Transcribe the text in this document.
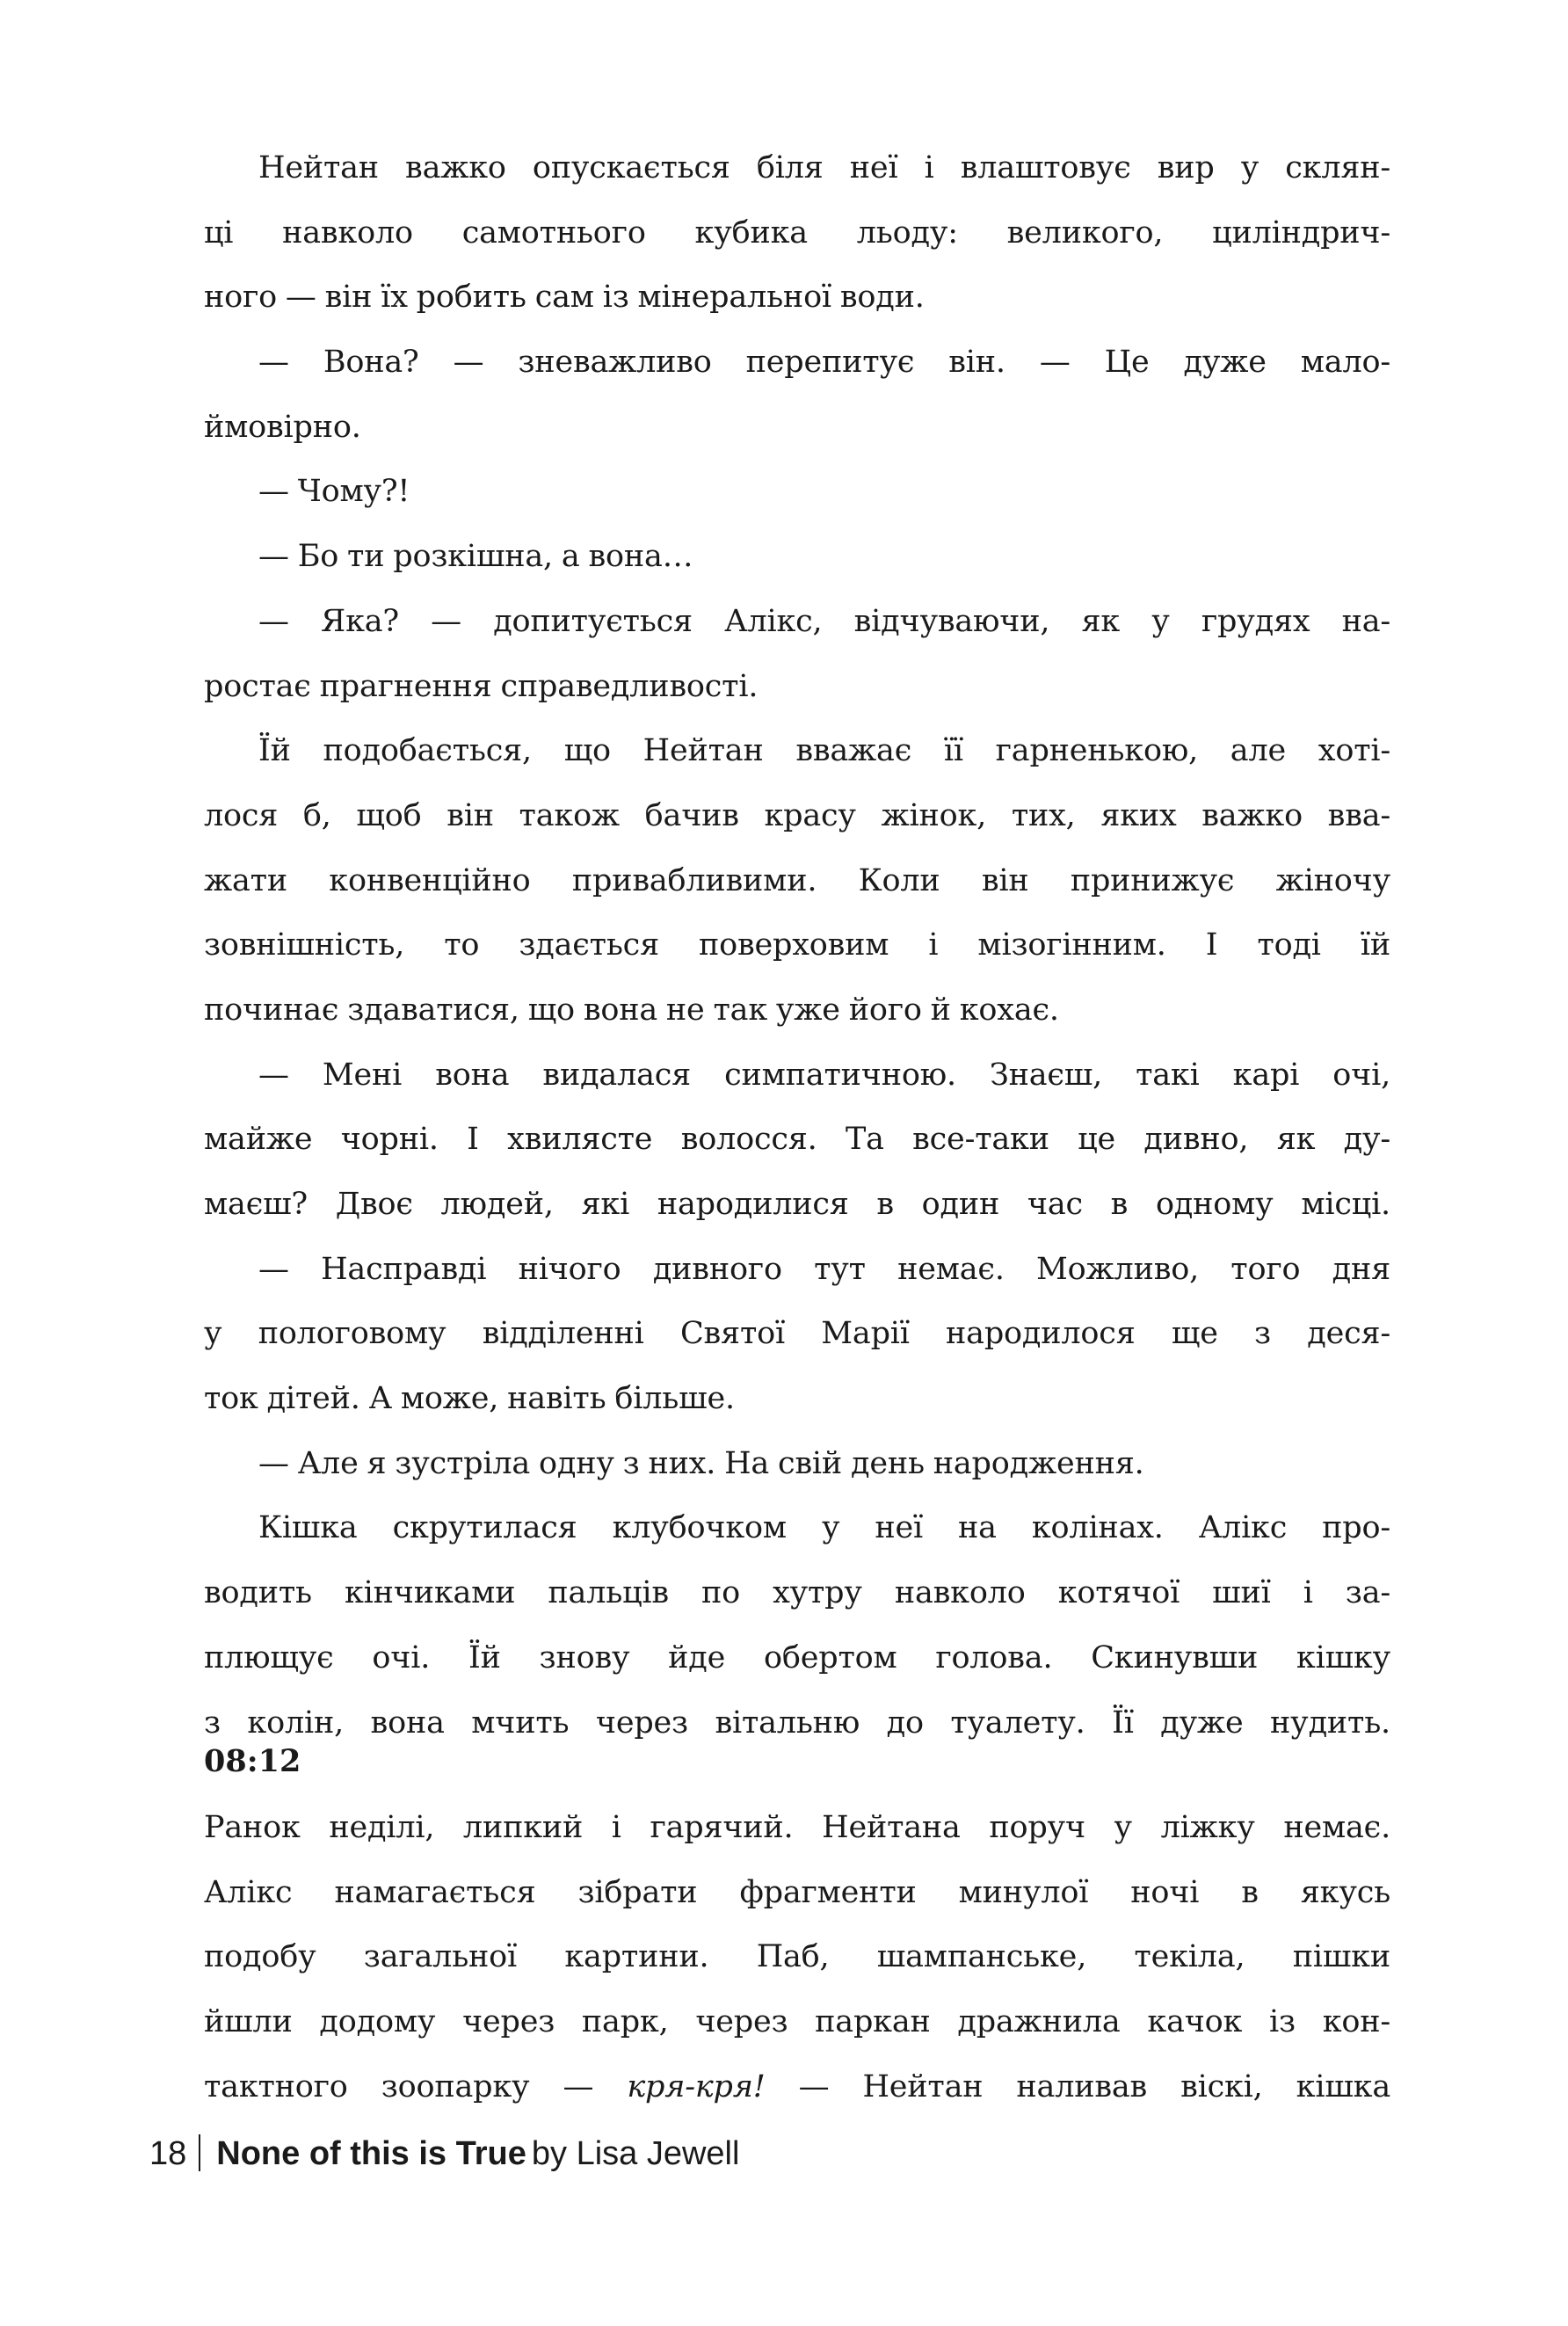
Нейтан важко опускається біля неї і влаштовує вир у склян-
ці навколо самотнього кубика льоду: великого, циліндрич-
ного — він їх робить сам із мінеральної води.
— Вона? — зневажливо перепитує він. — Це дуже мало-
ймовірно.
— Чому?!
— Бо ти розкішна, а вона…
— Яка? — допитується Алікс, відчуваючи, як у грудях на-
ростає прагнення справедливості.
Їй подобається, що Нейтан вважає її гарненькою, але хоті-
лося б, щоб він також бачив красу жінок, тих, яких важко вва-
жати конвенційно привабливими. Коли він принижує жіночу
зовнішність, то здається поверховим і мізогінним. І тоді їй
починає здаватися, що вона не так уже його й кохає.
— Мені вона видалася симпатичною. Знаєш, такі карі очі,
майже чорні. І хвилясте волосся. Та все-таки це дивно, як ду-
маєш? Двоє людей, які народилися в один час в одному місці.
— Насправді нічого дивного тут немає. Можливо, того дня
у пологовому відділенні Святої Марії народилося ще з деся-
ток дітей. А може, навіть більше.
— Але я зустріла одну з них. На свій день народження.
Кішка скрутилася клубочком у неї на колінах. Алікс про-
водить кінчиками пальців по хутру навколо котячої шиї і за-
плющує очі. Їй знову йде обертом голова. Скинувши кішку
з колін, вона мчить через вітальню до туалету. Її дуже нудить.
08:12
Ранок неділі, липкий і гарячий. Нейтана поруч у ліжку немає.
Алікс намагається зібрати фрагменти минулої ночі в якусь
подобу загальної картини. Паб, шампанське, текіла, пішки
йшли додому через парк, через паркан дражнила качок із кон-
тактного зоопарку — кря-кря! — Нейтан наливав віскі, кішка
18 None of this is True by Lisa Jewell
